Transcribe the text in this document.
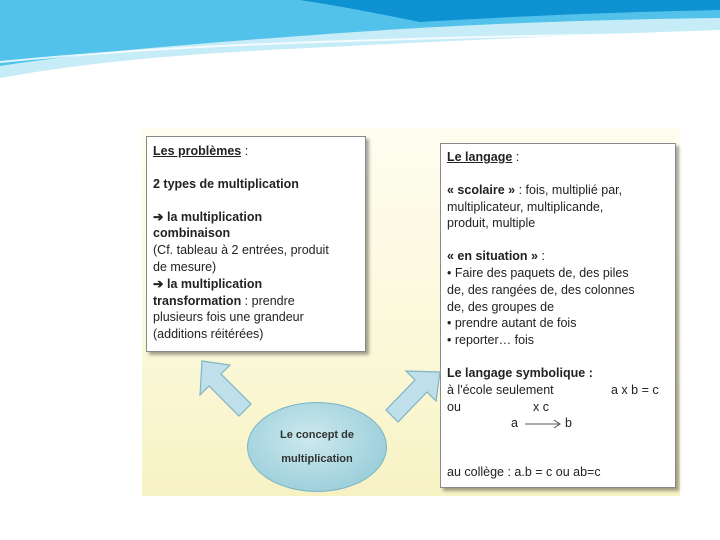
Les problèmes :
2 types de multiplication
➔ la multiplication
combinaison
(Cf. tableau à 2 entrées, produit
de mesure)
➔ la multiplication
transformation : prendre
plusieurs fois une grandeur
(additions réitérées)
Le langage :
« scolaire » : fois, multiplié par,
multiplicateur, multiplicande,
produit, multiple
« en situation » :
• Faire des paquets de, des piles
de, des rangées de, des colonnes
de, des groupes de
• prendre autant de fois
• reporter… fois
Le langage symbolique :
à l'école seulement	a x b = c
ou	x c
a	b
au collège : a.b = c ou ab=c
Le concept de
multiplication
